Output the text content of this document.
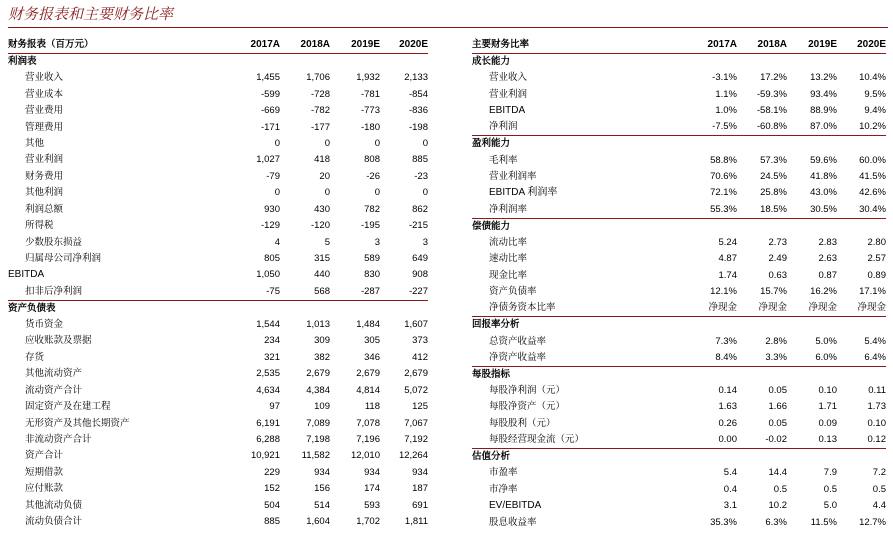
财务报表和主要财务比率
财务报表（百万元）	2017A	2018A	2019E	2020E
利润表				
营业收入	1,455	1,706	1,932	2,133
营业成本	-599	-728	-781	-854
营业费用	-669	-782	-773	-836
管理费用	-171	-177	-180	-198
其他	0	0	0	0
营业利润	1,027	418	808	885
财务费用	-79	20	-26	-23
其他利润	0	0	0	0
利润总额	930	430	782	862
所得税	-129	-120	-195	-215
少数股东损益	4	5	3	3
归属母公司净利润	805	315	589	649
EBITDA	1,050	440	830	908
扣非后净利润	-75	568	-287	-227
资产负债表				
货币资金	1,544	1,013	1,484	1,607
应收账款及票据	234	309	305	373
存货	321	382	346	412
其他流动资产	2,535	2,679	2,679	2,679
流动资产合计	4,634	4,384	4,814	5,072
固定资产及在建工程	97	109	118	125
无形资产及其他长期资产	6,191	7,089	7,078	7,067
非流动资产合计	6,288	7,198	7,196	7,192
资产合计	10,921	11,582	12,010	12,264
短期借款	229	934	934	934
应付账款	152	156	174	187
其他流动负债	504	514	593	691
流动负债合计	885	1,604	1,702	1,811
主要财务比率	2017A	2018A	2019E	2020E
成长能力				
营业收入	-3.1%	17.2%	13.2%	10.4%
营业利润	1.1%	-59.3%	93.4%	9.5%
EBITDA	1.0%	-58.1%	88.9%	9.4%
净利润	-7.5%	-60.8%	87.0%	10.2%
盈利能力				
毛利率	58.8%	57.3%	59.6%	60.0%
营业利润率	70.6%	24.5%	41.8%	41.5%
EBITDA 利润率	72.1%	25.8%	43.0%	42.6%
净利润率	55.3%	18.5%	30.5%	30.4%
偿债能力				
流动比率	5.24	2.73	2.83	2.80
速动比率	4.87	2.49	2.63	2.57
现金比率	1.74	0.63	0.87	0.89
资产负债率	12.1%	15.7%	16.2%	17.1%
净债务资本比率	净现金	净现金	净现金	净现金
回报率分析				
总资产收益率	7.3%	2.8%	5.0%	5.4%
净资产收益率	8.4%	3.3%	6.0%	6.4%
每股指标				
每股净利润（元）	0.14	0.05	0.10	0.11
每股净资产（元）	1.63	1.66	1.71	1.73
每股股利（元）	0.26	0.05	0.09	0.10
每股经营现金流（元）	0.00	-0.02	0.13	0.12
估值分析				
市盈率	5.4	14.4	7.9	7.2
市净率	0.4	0.5	0.5	0.5
EV/EBITDA	3.1	10.2	5.0	4.4
股息收益率	35.3%	6.3%	11.5%	12.7%
